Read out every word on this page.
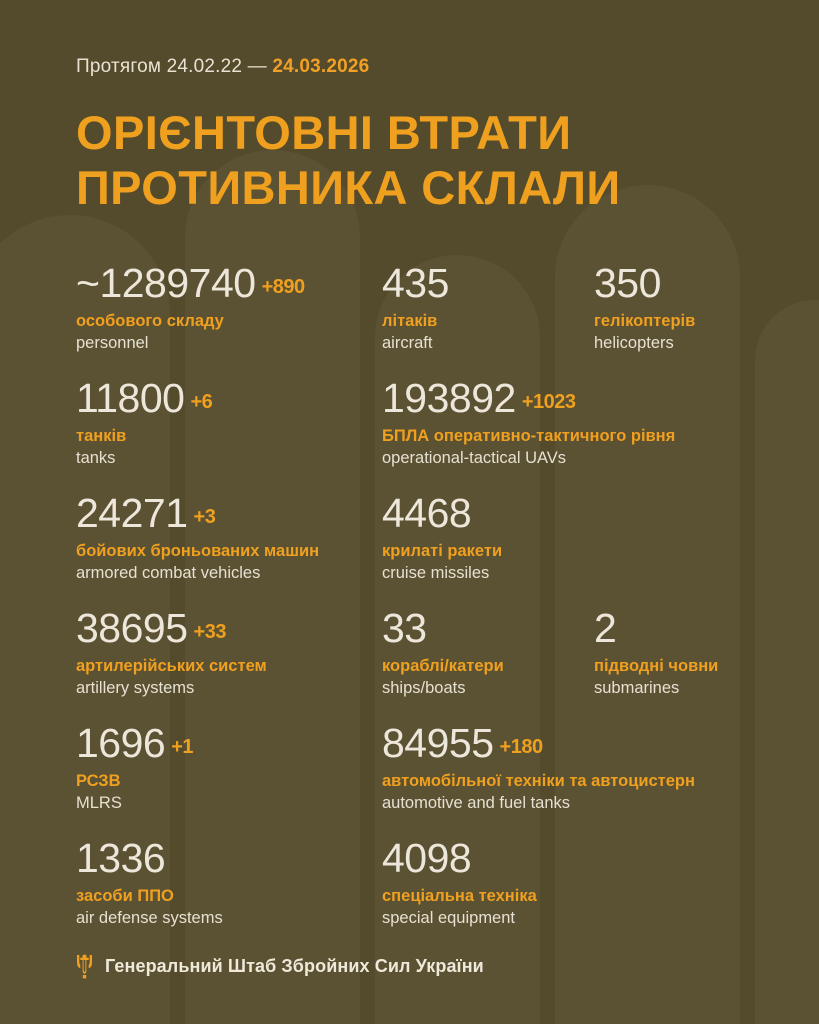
Протягом 24.02.22 — 24.03.2026
ОРІЄНТОВНІ ВТРАТИ
ПРОТИВНИКА СКЛАЛИ
~1289740 +890
особового складу
personnel
435
літаків
aircraft
350
гелікоптерів
helicopters
11800 +6
танків
tanks
193892 +1023
БПЛА оперативно-тактичного рівня
operational-tactical UAVs
24271 +3
бойових броньованих машин
armored combat vehicles
4468
крилаті ракети
cruise missiles
38695 +33
артилерійських систем
artillery systems
33
кораблі/катери
ships/boats
2
підводні човни
submarines
1696 +1
РСЗВ
MLRS
84955 +180
автомобільної техніки та автоцистерн
automotive and fuel tanks
1336
засоби ППО
air defense systems
4098
спеціальна техніка
special equipment
Генеральний Штаб Збройних Сил України
